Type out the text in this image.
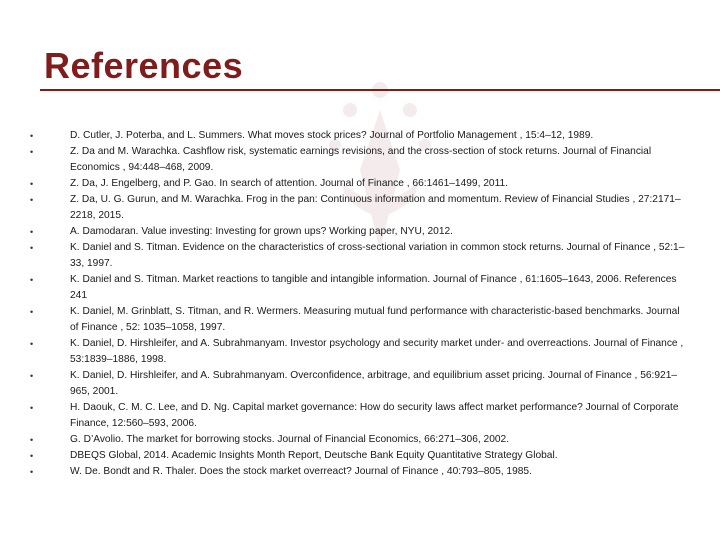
References
•	D. Cutler, J. Poterba, and L. Summers. What moves stock prices? Journal of Portfolio Management , 15:4–12, 1989.
•	Z. Da and M. Warachka. Cashflow risk, systematic earnings revisions, and the cross-section of stock returns. Journal of Financial Economics , 94:448–468, 2009.
•	Z. Da, J. Engelberg, and P. Gao. In search of attention. Journal of Finance , 66:1461–1499, 2011.
•	Z. Da, U. G. Gurun, and M. Warachka. Frog in the pan: Continuous information and momentum. Review of Financial Studies , 27:2171–2218, 2015.
•	A. Damodaran. Value investing: Investing for grown ups? Working paper, NYU, 2012.
•	K. Daniel and S. Titman. Evidence on the characteristics of cross-sectional variation in common stock returns. Journal of Finance , 52:1–33, 1997.
•	K. Daniel and S. Titman. Market reactions to tangible and intangible information. Journal of Finance , 61:1605–1643, 2006. References 241
•	K. Daniel, M. Grinblatt, S. Titman, and R. Wermers. Measuring mutual fund performance with characteristic-based benchmarks. Journal of Finance , 52: 1035–1058, 1997.
•	K. Daniel, D. Hirshleifer, and A. Subrahmanyam. Investor psychology and security market under- and overreactions. Journal of Finance , 53:1839–1886, 1998.
•	K. Daniel, D. Hirshleifer, and A. Subrahmanyam. Overconfidence, arbitrage, and equilibrium asset pricing. Journal of Finance , 56:921–965, 2001.
•	H. Daouk, C. M. C. Lee, and D. Ng. Capital market governance: How do security laws affect market performance? Journal of Corporate Finance, 12:560–593, 2006.
•	G. D’Avolio. The market for borrowing stocks. Journal of Financial Economics, 66:271–306, 2002.
•	DBEQS Global, 2014. Academic Insights Month Report, Deutsche Bank Equity Quantitative Strategy Global.
•	W. De. Bondt and R. Thaler. Does the stock market overreact? Journal of Finance , 40:793–805, 1985.
